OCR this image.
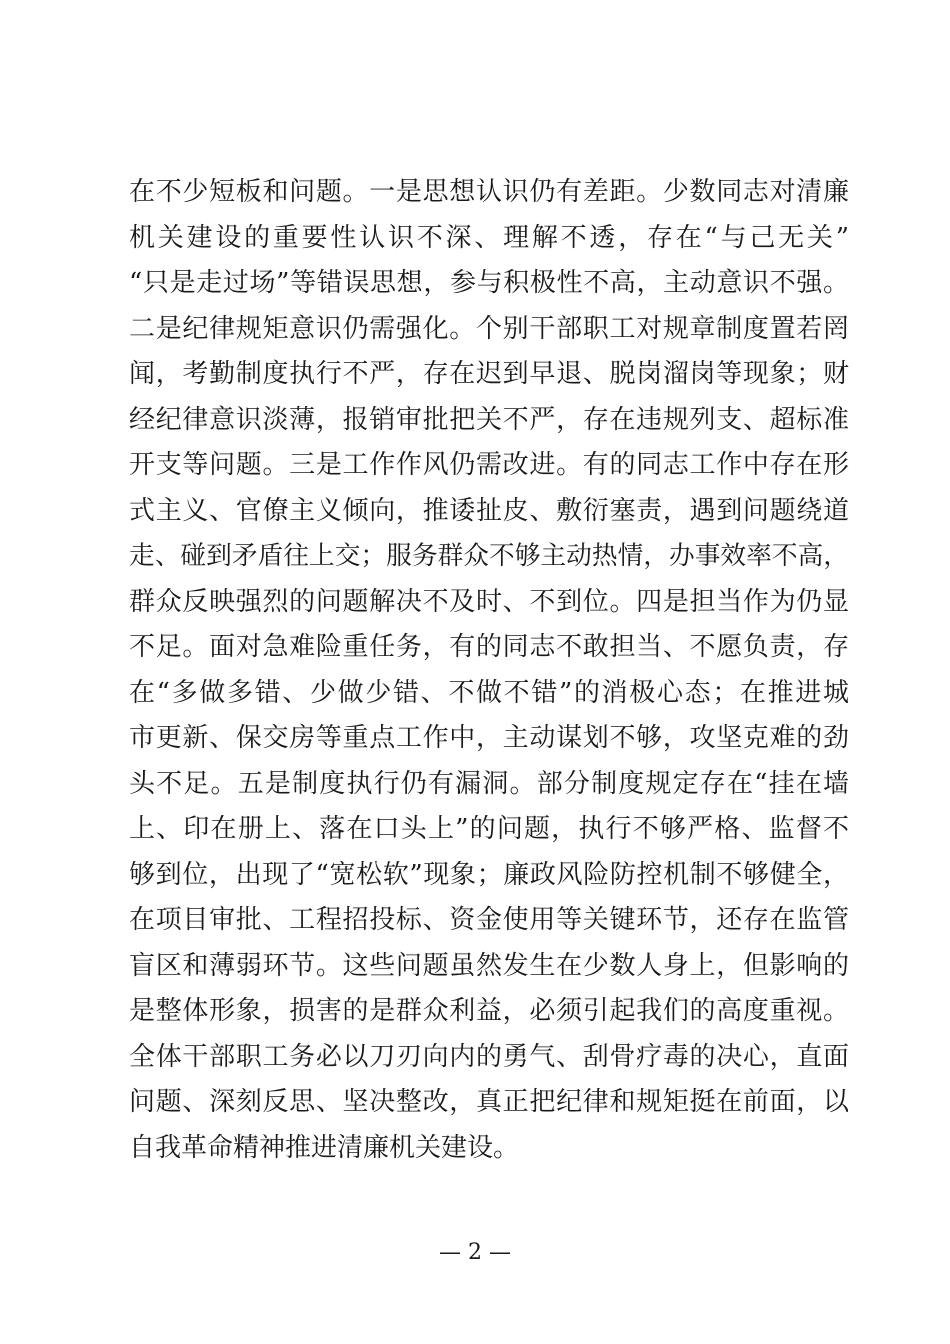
在不少短板和问题。一是思想认识仍有差距。少数同志对清廉
机关建设的重要性认识不深、理解不透，存在“与己无关”
“只是走过场”等错误思想，参与积极性不高，主动意识不强。
二是纪律规矩意识仍需强化。个别干部职工对规章制度置若罔
闻，考勤制度执行不严，存在迟到早退、脱岗溜岗等现象；财
经纪律意识淡薄，报销审批把关不严，存在违规列支、超标准
开支等问题。三是工作作风仍需改进。有的同志工作中存在形
式主义、官僚主义倾向，推诿扯皮、敷衍塞责，遇到问题绕道
走、碰到矛盾往上交；服务群众不够主动热情，办事效率不高，
群众反映强烈的问题解决不及时、不到位。四是担当作为仍显
不足。面对急难险重任务，有的同志不敢担当、不愿负责，存
在“多做多错、少做少错、不做不错”的消极心态；在推进城
市更新、保交房等重点工作中，主动谋划不够，攻坚克难的劲
头不足。五是制度执行仍有漏洞。部分制度规定存在“挂在墙
上、印在册上、落在口头上”的问题，执行不够严格、监督不
够到位，出现了“宽松软”现象；廉政风险防控机制不够健全，
在项目审批、工程招投标、资金使用等关键环节，还存在监管
盲区和薄弱环节。这些问题虽然发生在少数人身上，但影响的
是整体形象，损害的是群众利益，必须引起我们的高度重视。
全体干部职工务必以刀刃向内的勇气、刮骨疗毒的决心，直面
问题、深刻反思、坚决整改，真正把纪律和规矩挺在前面，以
自我革命精神推进清廉机关建设。
— 2 —
